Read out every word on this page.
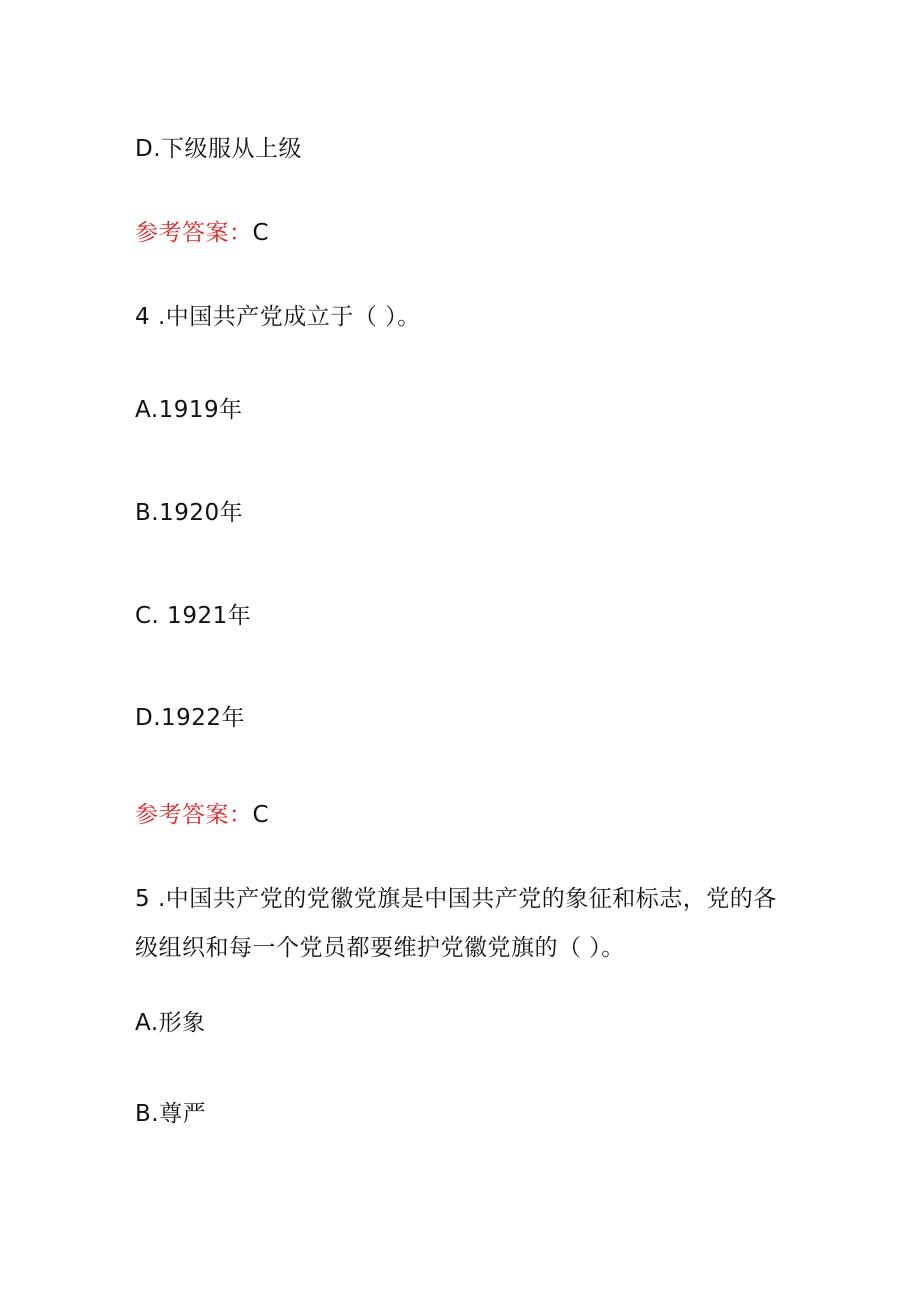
D.下级服从上级
参考答案：C
4 .中国共产党成立于（ ）。
A.1919年
B.1920年
C. 1921年
D.1922年
参考答案：C
5 .中国共产党的党徽党旗是中国共产党的象征和标志，党的各
级组织和每一个党员都要维护党徽党旗的（ ）。
A.形象
B.尊严
